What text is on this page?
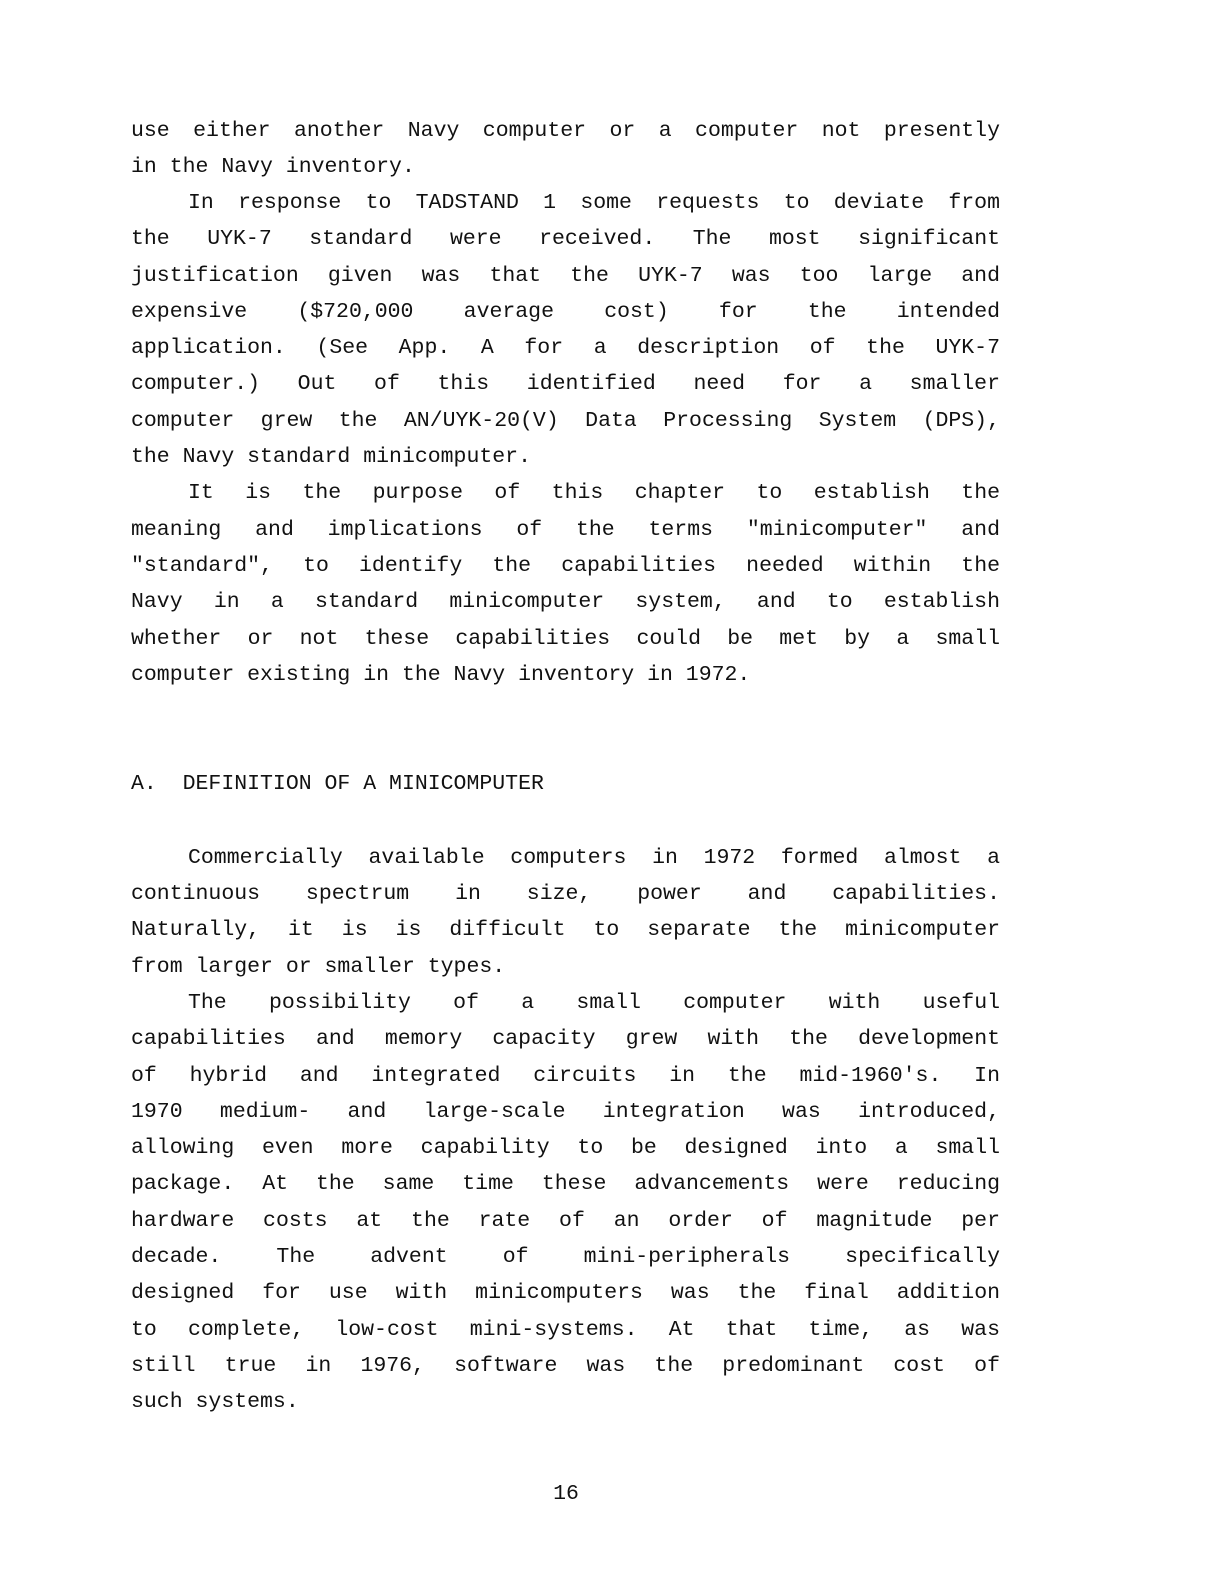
use either another Navy computer or a computer not presently
in the Navy inventory.
In response to TADSTAND 1 some requests to deviate from
the UYK-7 standard were received. The most significant
justification given was that the UYK-7 was too large and
expensive ($720,000 average cost) for the intended
application. (See App. A for a description of the UYK-7
computer.) Out of this identified need for a smaller
computer grew the AN/UYK-20(V) Data Processing System (DPS),
the Navy standard minicomputer.
It is the purpose of this chapter to establish the
meaning and implications of the terms "minicomputer" and
"standard", to identify the capabilities needed within the
Navy in a standard minicomputer system, and to establish
whether or not these capabilities could be met by a small
computer existing in the Navy inventory in 1972.
A.  DEFINITION OF A MINICOMPUTER
Commercially available computers in 1972 formed almost a
continuous spectrum in size, power and capabilities.
Naturally, it is is difficult to separate the minicomputer
from larger or smaller types.
The possibility of a small computer with useful
capabilities and memory capacity grew with the development
of hybrid and integrated circuits in the mid-1960's. In
1970 medium- and large-scale integration was introduced,
allowing even more capability to be designed into a small
package. At the same time these advancements were reducing
hardware costs at the rate of an order of magnitude per
decade. The advent of mini-peripherals specifically
designed for use with minicomputers was the final addition
to complete, low-cost mini-systems. At that time, as was
still true in 1976, software was the predominant cost of
such systems.
16
